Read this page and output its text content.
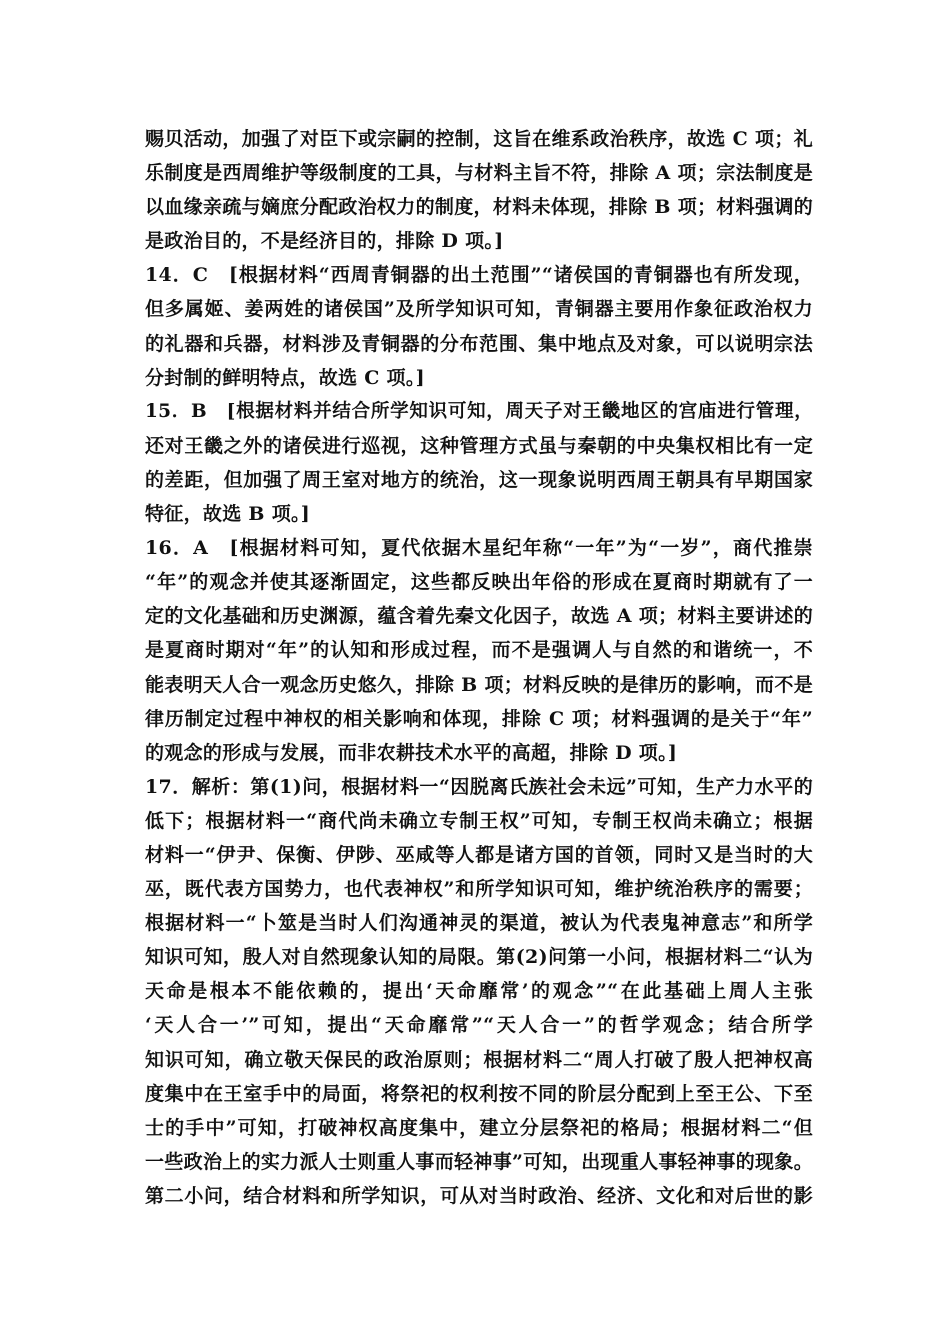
赐贝活动，加强了对臣下或宗嗣的控制，这旨在维系政治秩序，故选 C 项；礼
乐制度是西周维护等级制度的工具，与材料主旨不符，排除 A 项；宗法制度是
以血缘亲疏与嫡庶分配政治权力的制度，材料未体现，排除 B 项；材料强调的
是政治目的，不是经济目的，排除 D 项。]
14．C　[根据材料“西周青铜器的出土范围”“诸侯国的青铜器也有所发现，
但多属姬、姜两姓的诸侯国”及所学知识可知，青铜器主要用作象征政治权力
的礼器和兵器，材料涉及青铜器的分布范围、集中地点及对象，可以说明宗法
分封制的鲜明特点，故选 C 项。]
15．B　[根据材料并结合所学知识可知，周天子对王畿地区的宫庙进行管理，
还对王畿之外的诸侯进行巡视，这种管理方式虽与秦朝的中央集权相比有一定
的差距，但加强了周王室对地方的统治，这一现象说明西周王朝具有早期国家
特征，故选 B 项。]
16．A　[根据材料可知，夏代依据木星纪年称“一年”为“一岁”，商代推崇
“年”的观念并使其逐渐固定，这些都反映出年俗的形成在夏商时期就有了一
定的文化基础和历史渊源，蕴含着先秦文化因子，故选 A 项；材料主要讲述的
是夏商时期对“年”的认知和形成过程，而不是强调人与自然的和谐统一，不
能表明天人合一观念历史悠久，排除 B 项；材料反映的是律历的影响，而不是
律历制定过程中神权的相关影响和体现，排除 C 项；材料强调的是关于“年”
的观念的形成与发展，而非农耕技术水平的高超，排除 D 项。]
17．解析：第(1)问，根据材料一“因脱离氏族社会未远”可知，生产力水平的
低下；根据材料一“商代尚未确立专制王权”可知，专制王权尚未确立；根据
材料一“伊尹、保衡、伊陟、巫咸等人都是诸方国的首领，同时又是当时的大
巫，既代表方国势力，也代表神权”和所学知识可知，维护统治秩序的需要；
根据材料一“卜筮是当时人们沟通神灵的渠道，被认为代表鬼神意志”和所学
知识可知，殷人对自然现象认知的局限。第(2)问第一小问，根据材料二“认为
天命是根本不能依赖的，提出‘天命靡常’的观念”“在此基础上周人主张
‘天人合一’”可知，提出“天命靡常”“天人合一”的哲学观念；结合所学
知识可知，确立敬天保民的政治原则；根据材料二“周人打破了殷人把神权高
度集中在王室手中的局面，将祭祀的权利按不同的阶层分配到上至王公、下至
士的手中”可知，打破神权高度集中，建立分层祭祀的格局；根据材料二“但
一些政治上的实力派人士则重人事而轻神事”可知，出现重人事轻神事的现象。
第二小问，结合材料和所学知识，可从对当时政治、经济、文化和对后世的影
